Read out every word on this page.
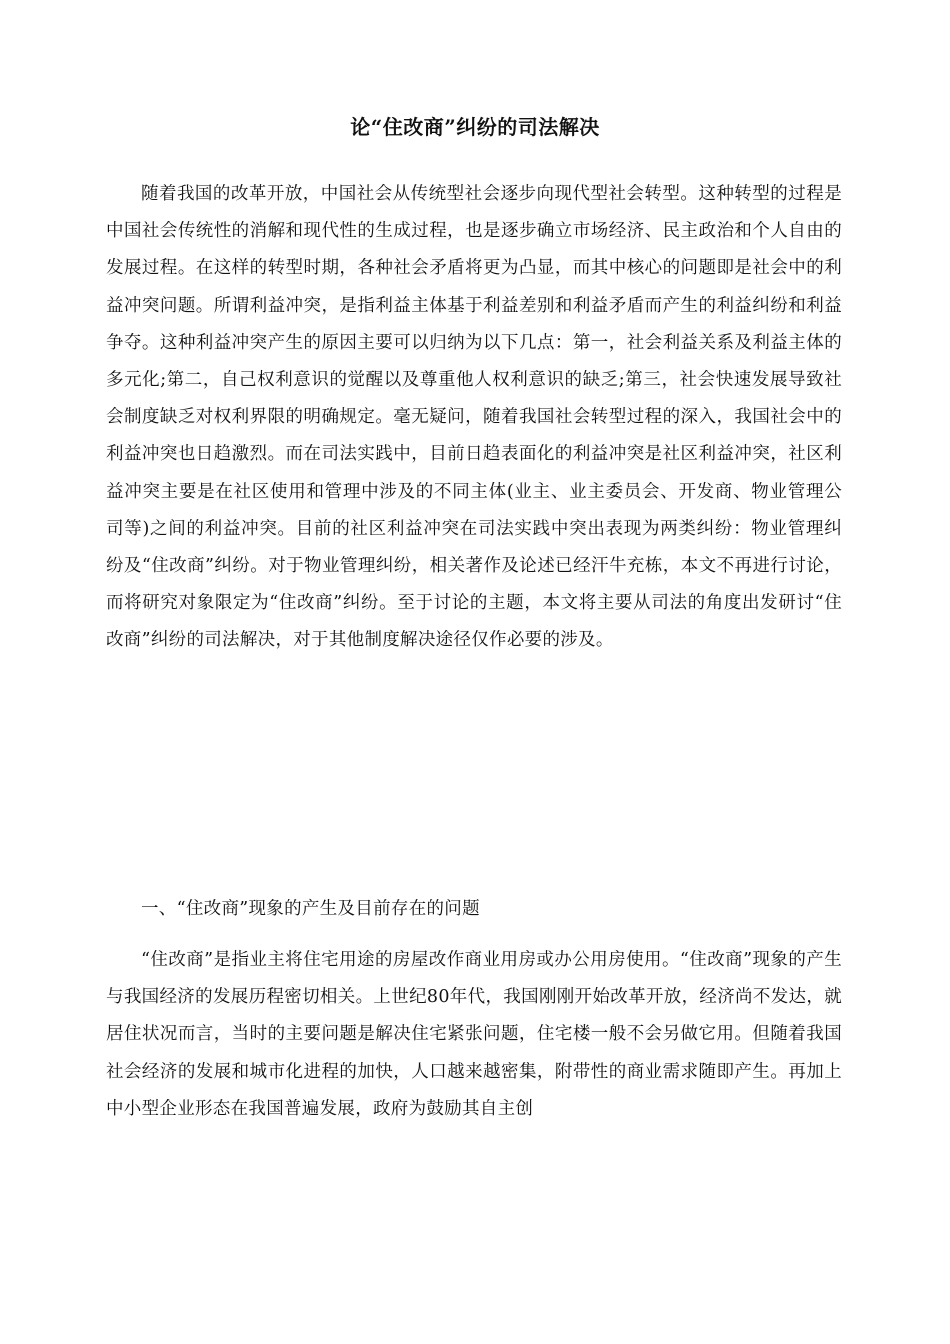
论“住改商”纠纷的司法解决

随着我国的改革开放，中国社会从传统型社会逐步向现代型社会转型。这种转型的过程是中国社会传统性的消解和现代性的生成过程，也是逐步确立市场经济、民主政治和个人自由的发展过程。在这样的转型时期，各种社会矛盾将更为凸显，而其中核心的问题即是社会中的利益冲突问题。所谓利益冲突，是指利益主体基于利益差别和利益矛盾而产生的利益纠纷和利益争夺。这种利益冲突产生的原因主要可以归纳为以下几点：第一，社会利益关系及利益主体的多元化;第二，自己权利意识的觉醒以及尊重他人权利意识的缺乏;第三，社会快速发展导致社会制度缺乏对权利界限的明确规定。毫无疑问，随着我国社会转型过程的深入，我国社会中的利益冲突也日趋激烈。而在司法实践中，目前日趋表面化的利益冲突是社区利益冲突，社区利益冲突主要是在社区使用和管理中涉及的不同主体(业主、业主委员会、开发商、物业管理公司等)之间的利益冲突。目前的社区利益冲突在司法实践中突出表现为两类纠纷：物业管理纠纷及“住改商”纠纷。对于物业管理纠纷，相关著作及论述已经汗牛充栋，本文不再进行讨论，而将研究对象限定为“住改商”纠纷。至于讨论的主题，本文将主要从司法的角度出发研讨“住改商”纠纷的司法解决，对于其他制度解决途径仅作必要的涉及。

一、“住改商”现象的产生及目前存在的问题

“住改商”是指业主将住宅用途的房屋改作商业用房或办公用房使用。“住改商”现象的产生与我国经济的发展历程密切相关。上世纪80年代，我国刚刚开始改革开放，经济尚不发达，就居住状况而言，当时的主要问题是解决住宅紧张问题，住宅楼一般不会另做它用。但随着我国社会经济的发展和城市化进程的加快，人口越来越密集，附带性的商业需求随即产生。再加上中小型企业形态在我国普遍发展，政府为鼓励其自主创
